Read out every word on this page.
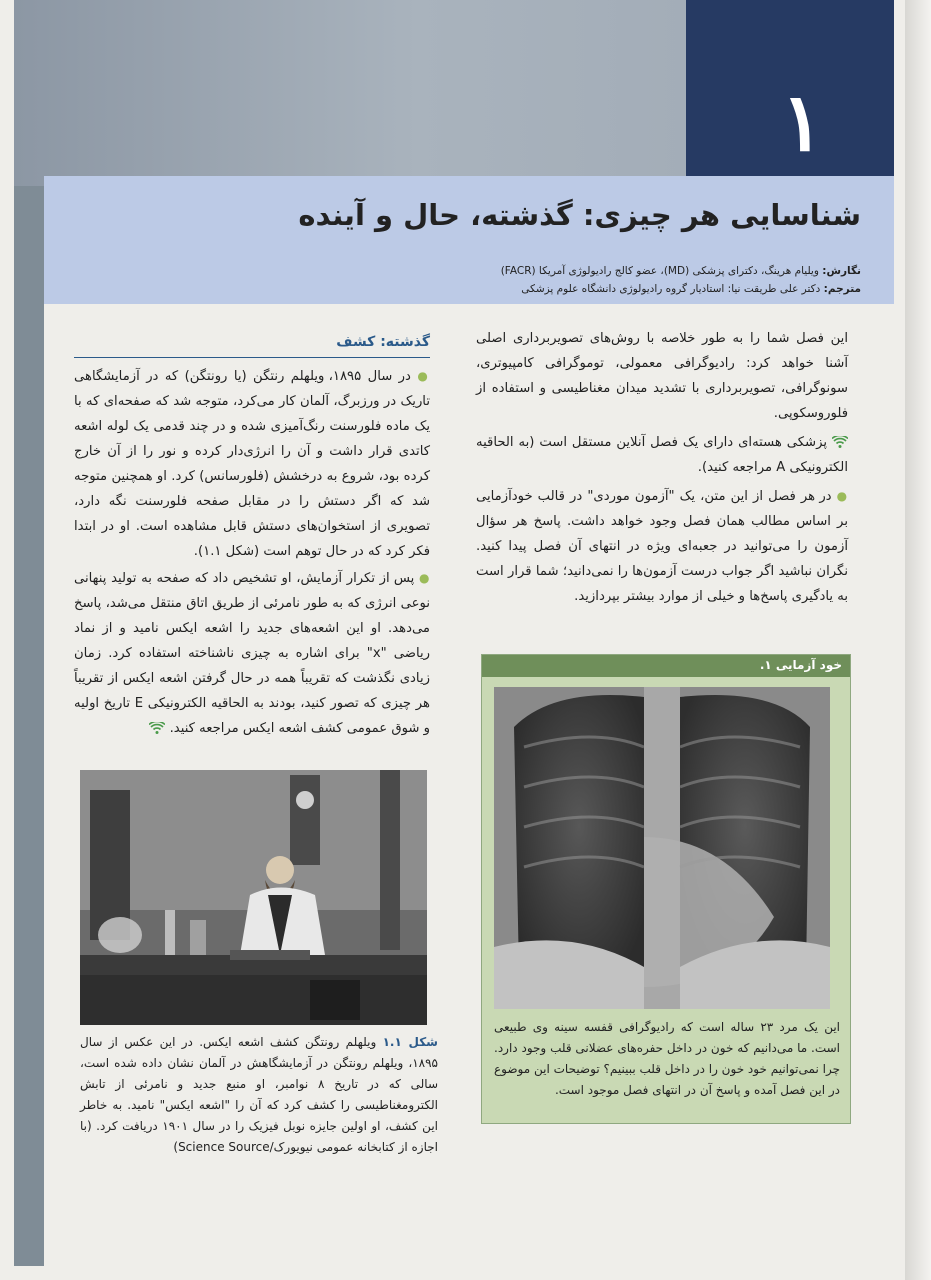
۱
شناسایی هر چیزی: گذشته، حال و آینده
نگارش: ویلیام هرینگ، دکترای پزشکی (MD)، عضو کالج رادیولوژی آمریکا (FACR)
مترجم: دکتر علی طریقت نیا: استادیار گروه رادیولوژی دانشگاه علوم پزشکی

این فصل شما را به طور خلاصه با روش‌های تصویربرداری اصلی آشنا خواهد کرد: رادیوگرافی معمولی، توموگرافی کامپیوتری، سونوگرافی، تصویربرداری با تشدید میدان مغناطیسی و استفاده از فلوروسکوپی.

پزشکی هسته‌ای دارای یک فصل آنلاین مستقل است (به الحاقیه الکترونیکی A مراجعه کنید).

● در هر فصل از این متن، یک "آزمون موردی" در قالب خودآزمایی بر اساس مطالب همان فصل وجود خواهد داشت. پاسخ هر سؤال آزمون را می‌توانید در جعبه‌ای ویژه در انتهای آن فصل پیدا کنید. نگران نباشید اگر جواب درست آزمون‌ها را نمی‌دانید؛ شما قرار است به یادگیری پاسخ‌ها و خیلی از موارد بیشتر بپردازید.

خود آزمایی ۱.
این یک مرد ۲۳ ساله است که رادیوگرافی قفسه سینه وی طبیعی است. ما می‌دانیم که خون در داخل حفره‌های عضلانی قلب وجود دارد. چرا نمی‌توانیم خود خون را در داخل قلب ببینیم؟ توضیحات این موضوع در این فصل آمده و پاسخ آن در انتهای فصل موجود است.
گذشته: کشف

● در سال ۱۸۹۵، ویلهلم رنتگن (یا رونتگن) که در آزمایشگاهی تاریک در ورزبرگ، آلمان کار می‌کرد، متوجه شد که صفحه‌ای که با یک ماده فلورسنت رنگ‌آمیزی شده و در چند قدمی یک لوله اشعه کاتدی قرار داشت و آن را انرژی‌دار کرده و نور را از آن خارج کرده بود، شروع به درخشش (فلورسانس) کرد. او همچنین متوجه شد که اگر دستش را در مقابل صفحه فلورسنت نگه دارد، تصویری از استخوان‌های دستش قابل مشاهده است. او در ابتدا فکر کرد که در حال توهم است (شکل ۱.۱).

● پس از تکرار آزمایش، او تشخیص داد که صفحه به تولید پنهانی نوعی انرژی که به طور نامرئی از طریق اتاق منتقل می‌شد، پاسخ می‌دهد. او این اشعه‌های جدید را اشعه ایکس نامید و از نماد ریاضی "x" برای اشاره به چیزی ناشناخته استفاده کرد. زمان زیادی نگذشت که تقریباً همه در حال گرفتن اشعه ایکس از تقریباً هر چیزی که تصور کنید، بودند به الحاقیه الکترونیکی E تاریخ اولیه و شوق عمومی کشف اشعه ایکس مراجعه کنید.

شکل ۱.۱ ویلهلم رونتگن کشف اشعه ایکس. در این عکس از سال ۱۸۹۵، ویلهلم رونتگن در آزمایشگاهش در آلمان نشان داده شده است، سالی که در تاریخ ۸ نوامبر، او منبع جدید و نامرئی از تابش الکترومغناطیسی را کشف کرد که آن را "اشعه ایکس" نامید. به خاطر این کشف، او اولین جایزه نوبل فیزیک را در سال ۱۹۰۱ دریافت کرد. (با اجازه از کتابخانه عمومی نیویورک/Science Source)
